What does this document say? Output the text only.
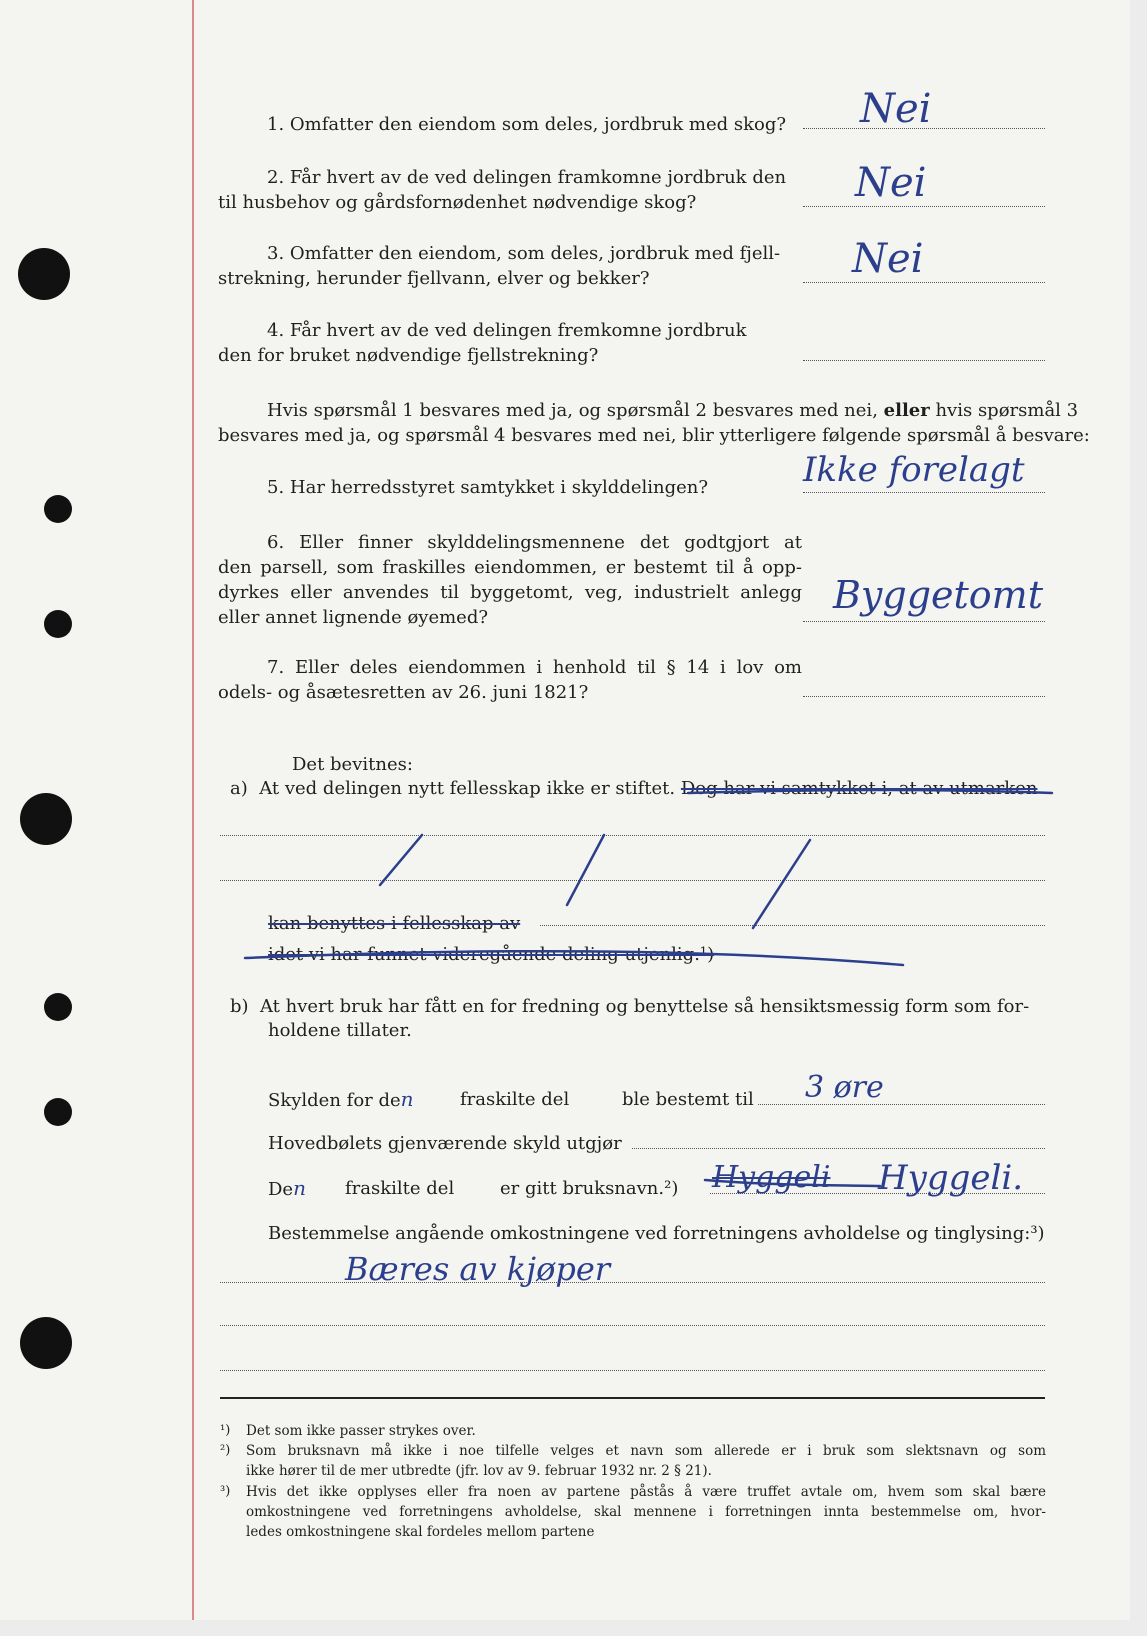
1. Omfatter den eiendom som deles, jordbruk med skog? Nei
2. Får hvert av de ved delingen framkomne jordbruk den
til husbehov og gårdsfornødenhet nødvendige skog?	Nei
3. Omfatter den eiendom, som deles, jordbruk med fjell-
strekning, herunder fjellvann, elver og bekker?	Nei
4. Får hvert av de ved delingen fremkomne jordbruk
den for bruket nødvendige fjellstrekning?
Hvis spørsmål 1 besvares med ja, og spørsmål 2 besvares med nei, eller hvis spørsmål 3
besvares med ja, og spørsmål 4 besvares med nei, blir ytterligere følgende spørsmål å besvare:
5. Har herredsstyret samtykket i skylddelingen?	Ikke forelagt
6. Eller finner skylddelingsmennene det godtgjort at
den parsell, som fraskilles eiendommen, er bestemt til å opp-
dyrkes eller anvendes til byggetomt, veg, industrielt anlegg
eller annet lignende øyemed?
Byggetomt
7. Eller deles eiendommen i henhold til § 14 i lov om
odels- og åsætesretten av 26. juni 1821?
Det bevitnes:
a) At ved delingen nytt fellesskap ikke er stiftet. Dog har vi samtykket i, at av utmarken
kan benyttes i fellesskap av
idet vi har funnet videregående deling utjenlig.¹)
b) At hvert bruk har fått en for fredning og benyttelse så hensiktsmessig form som for-
holdene tillater.
Skylden for den	fraskilte del	ble bestemt til 3 øre
Hovedbølets gjenværende skyld utgjør
Den fraskilte del	er gitt bruksnavn.²) Hyggeli Hyggeli.
Bestemmelse angående omkostningene ved forretningens avholdelse og tinglysing:³)
Bæres av kjøper
¹) Det som ikke passer strykes over.
²) Som bruksnavn må ikke i noe tilfelle velges et navn som allerede er i bruk som slektsnavn og som
ikke hører til de mer utbredte (jfr. lov av 9. februar 1932 nr. 2 § 21).
³) Hvis det ikke opplyses eller fra noen av partene påstås å være truffet avtale om, hvem som skal bære
omkostningene ved forretningens avholdelse, skal mennene i forretningen innta bestemmelse om, hvor-
ledes omkostningene skal fordeles mellom partene
